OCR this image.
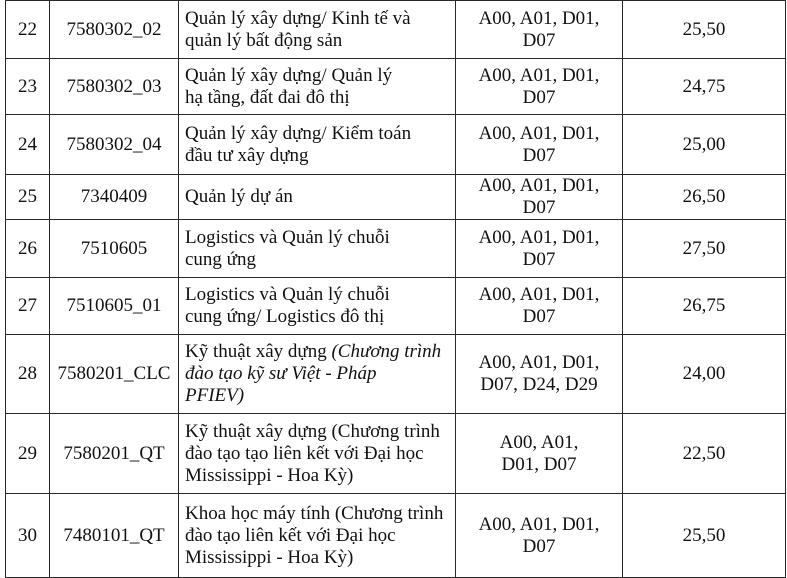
22	7580302_02	Quản lý xây dựng/ Kinh tế và
quản lý bất động sản	A00, A01, D01,
D07	25,50
23	7580302_03	Quản lý xây dựng/ Quản lý
hạ tầng, đất đai đô thị	A00, A01, D01,
D07	24,75
24	7580302_04	Quản lý xây dựng/ Kiểm toán
đầu tư xây dựng	A00, A01, D01, D07	25,00
25	7340409	Quản lý dự án	A00, A01, D01, D07	26,50
26	7510605	Logistics và Quản lý chuỗi
cung ứng	A00, A01, D01,
D07	27,50
27	7510605_01	Logistics và Quản lý chuỗi
cung ứng/ Logistics đô thị	A00, A01, D01, D07	26,75
28	7580201_CLC	Kỹ thuật xây dựng (Chương trình
đào tạo kỹ sư Việt - Pháp
PFIEV)	A00, A01, D01,
D07, D24, D29	24,00
29	7580201_QT	Kỹ thuật xây dựng (Chương trình
đào tạo tạo liên kết với Đại học
Mississippi - Hoa Kỳ)	A00, A01,
D01, D07	22,50
30	7480101_QT	Khoa học máy tính (Chương trình
đào tạo liên kết với Đại học
Mississippi - Hoa Kỳ)	A00, A01, D01,
D07	25,50
